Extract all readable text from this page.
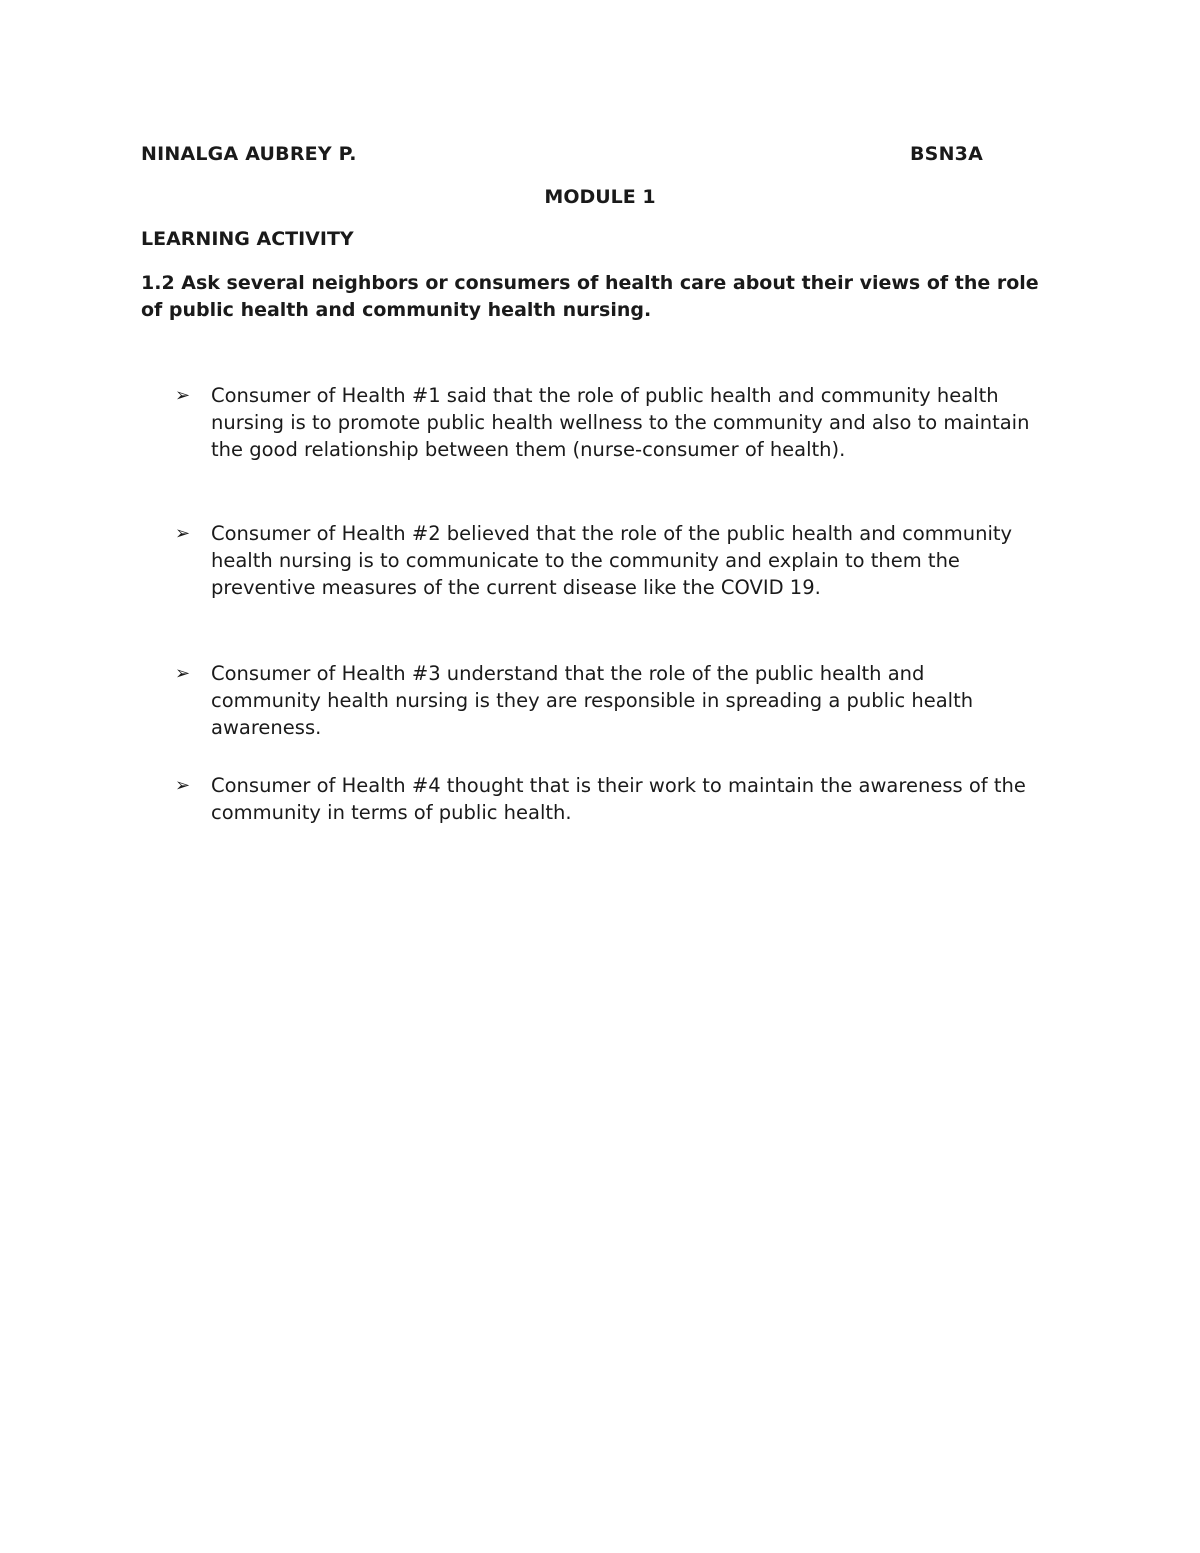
NINALGA AUBREY P.	BSN3A
MODULE 1
LEARNING ACTIVITY
1.2 Ask several neighbors or consumers of health care about their views of the role of public health and community health nursing.
➢	Consumer of Health #1 said that the role of public health and community health nursing is to promote public health wellness to the community and also to maintain the good relationship between them (nurse-consumer of health).
➢	Consumer of Health #2 believed that the role of the public health and community health nursing is to communicate to the community and explain to them the preventive measures of the current disease like the COVID 19.
➢	Consumer of Health #3 understand that the role of the public health and community health nursing is they are responsible in spreading a public health awareness.
➢	Consumer of Health #4 thought that is their work to maintain the awareness of the community in terms of public health.
